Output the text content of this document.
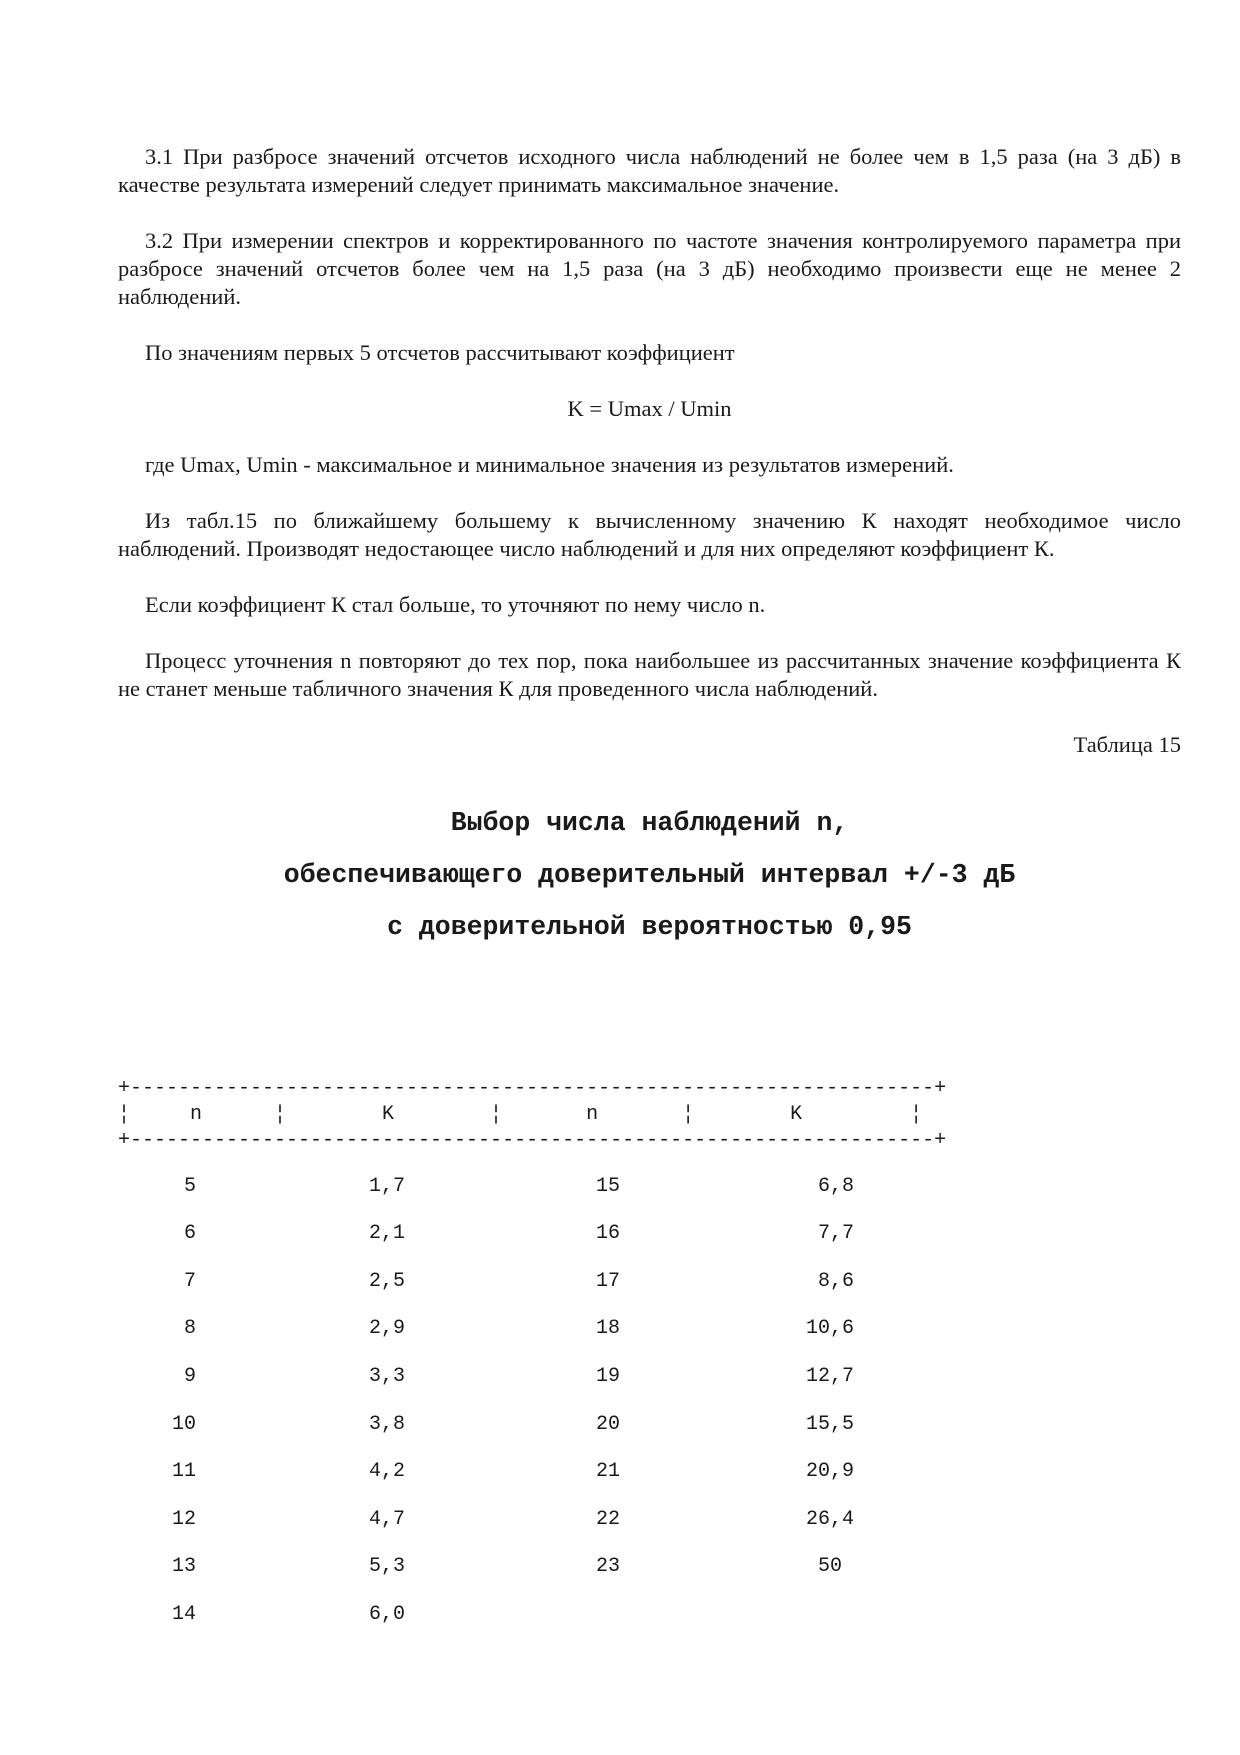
3.1 При разбросе значений отсчетов исходного числа наблюдений не более чем в 1,5 раза (на 3 дБ) в качестве результата измерений следует принимать максимальное значение.

3.2 При измерении спектров и корректированного по частоте значения контролируемого параметра при разбросе значений отсчетов более чем на 1,5 раза (на 3 дБ) необходимо произвести еще не менее 2 наблюдений.

По значениям первых 5 отсчетов рассчитывают коэффициент

K = Umax / Umin

где Umax, Umin - максимальное и минимальное значения из результатов измерений.

Из табл.15 по ближайшему большему к вычисленному значению К находят необходимое число наблюдений. Производят недостающее число наблюдений и для них определяют коэффициент К.

Если коэффициент К стал больше, то уточняют по нему число n.

Процесс уточнения n повторяют до тех пор, пока наибольшее из рассчитанных значение коэффициента К не станет меньше табличного значения К для проведенного числа наблюдений.

Таблица 15

Выбор числа наблюдений n,
обеспечивающего доверительный интервал +/-3 дБ
с доверительной вероятностью 0,95
+-------------------------------------------------------------------+
¦     n      ¦        K        ¦       n       ¦        K         ¦
+-------------------------------------------------------------------+
5	1,7	15	6,8
6	2,1	16	7,7
7	2,5	17	8,6
8	2,9	18	10,6
9	3,3	19	12,7
10	3,8	20	15,5
11	4,2	21	20,9
12	4,7	22	26,4
13	5,3	23	50
14	6,0
